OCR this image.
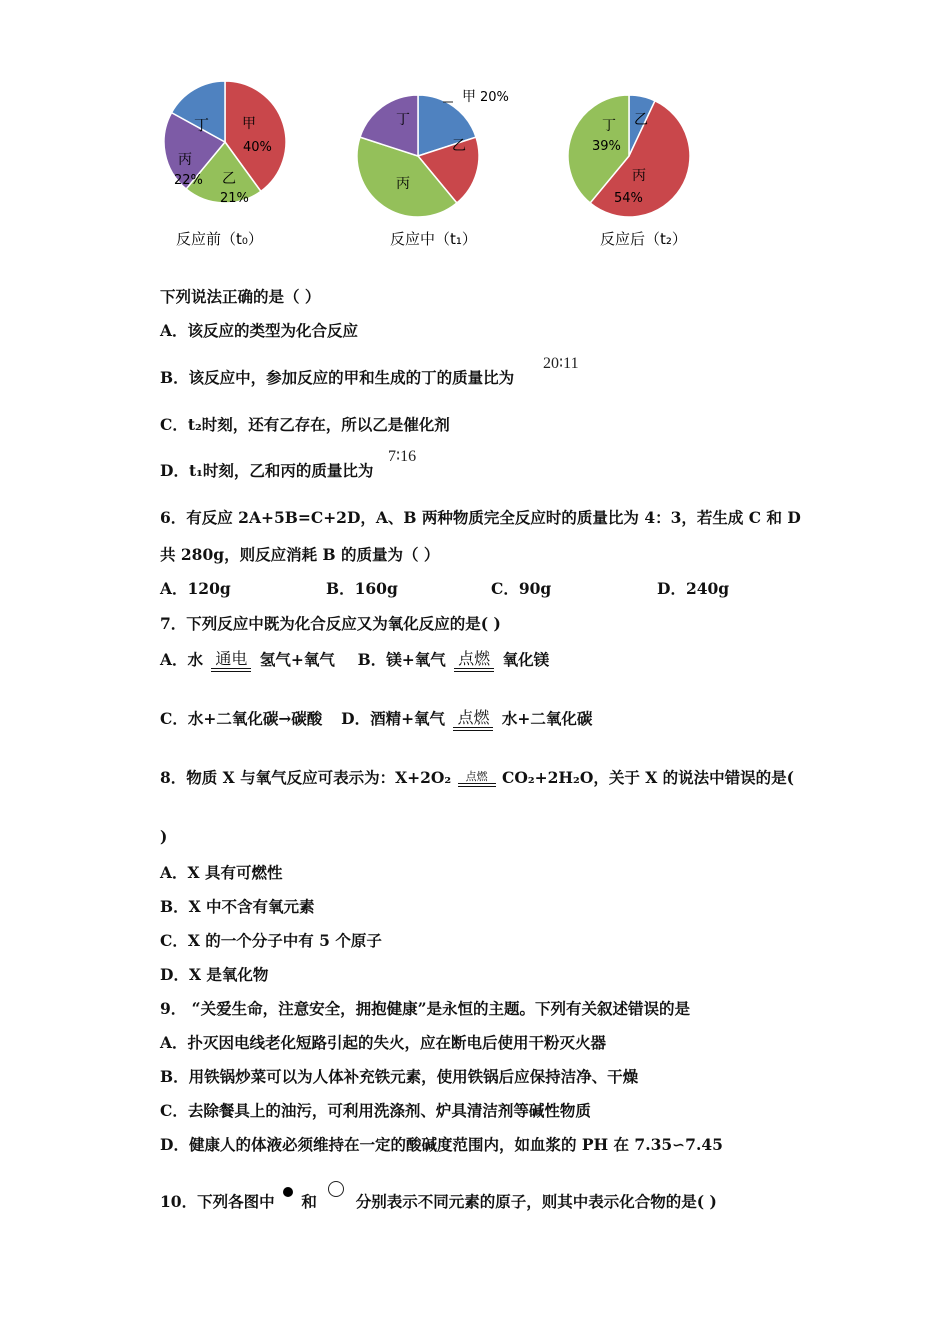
甲
40%
乙
21%
丙
22%
丁
反应前（t₀）
甲 20%
乙
丙
丁
反应中（t₁）
乙
丙
54%
丁
39%
反应后（t₂）
下列说法正确的是（ ）
A．该反应的类型为化合反应
B．该反应中，参加反应的甲和生成的丁的质量比为
20∶11
C．t₂时刻，还有乙存在，所以乙是催化剂
D．t₁时刻，乙和丙的质量比为
7∶16
6．有反应 2A+5B=C+2D，A、B 两种物质完全反应时的质量比为 4：3，若生成 C 和 D
共 280g，则反应消耗 B 的质量为（ ）
A．120g	B．160g	C．90g	D．240g
7．下列反应中既为化合反应又为氧化反应的是( )
A．水 通电 氢气+氧气 B．镁+氧气 点燃 氧化镁
C．水+二氧化碳→碳酸 D．酒精+氧气 点燃 水+二氧化碳
8．物质 X 与氧气反应可表示为：X+2O₂	点燃 CO₂+2H₂O，关于 X 的说法中错误的是(
)
A．X 具有可燃性
B．X 中不含有氧元素
C．X 的一个分子中有 5 个原子
D．X 是氧化物
9． “关爱生命，注意安全，拥抱健康”是永恒的主题。下列有关叙述错误的是
A．扑灭因电线老化短路引起的失火，应在断电后使用干粉灭火器
B．用铁锅炒菜可以为人体补充铁元素，使用铁锅后应保持洁净、干燥
C．去除餐具上的油污，可利用洗涤剂、炉具清洁剂等碱性物质
D．健康人的体液必须维持在一定的酸碱度范围内，如血浆的 PH 在 7.35∽7.45
10．下列各图中 和	分别表示不同元素的原子，则其中表示化合物的是( )
